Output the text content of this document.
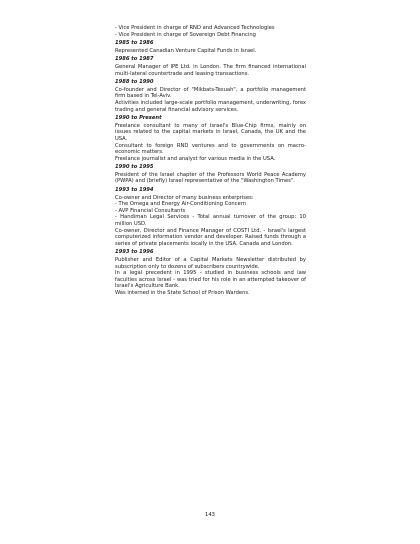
- Vice President in charge of RND and Advanced Technologies
- Vice President in charge of Sovereign Debt Financing
1985 to 1986
Represented Canadian Venture Capital Funds in Israel.
1986 to 1987
General Manager of IPE Ltd. in London. The firm financed international multi-lateral countertrade and leasing transactions.
1988 to 1990
Co-founder and Director of "Mikbats-Tesuah", a portfolio management firm based in Tel-Aviv.
Activities included large-scale portfolio management, underwriting, forex trading and general financial advisory services.
1990 to Present
Freelance consultant to many of Israel's Blue-Chip firms, mainly on issues related to the capital markets in Israel, Canada, the UK and the USA.
Consultant to foreign RND ventures and to governments on macro-economic matters.
Freelance journalist and analyst for various media in the USA.
1990 to 1995
President of the Israel chapter of the Professors World Peace Academy (PWPA) and (briefly) Israel representative of the "Washington Times".
1993 to 1994
Co-owner and Director of many business enterprises:
- The Omega and Energy Air-Conditioning Concern
- AVP Financial Consultants
- Handiman Legal Services - Total annual turnover of the group: 10 million USD.
Co-owner, Director and Finance Manager of COSTI Ltd. - Israel's largest computerized information vendor and developer. Raised funds through a series of private placements locally in the USA, Canada and London.
1993 to 1996
Publisher and Editor of a Capital Markets Newsletter distributed by subscription only to dozens of subscribers countrywide.
In a legal precedent in 1995 - studied in business schools and law faculties across Israel - was tried for his role in an attempted takeover of Israel's Agriculture Bank.
Was interned in the State School of Prison Wardens.
143
